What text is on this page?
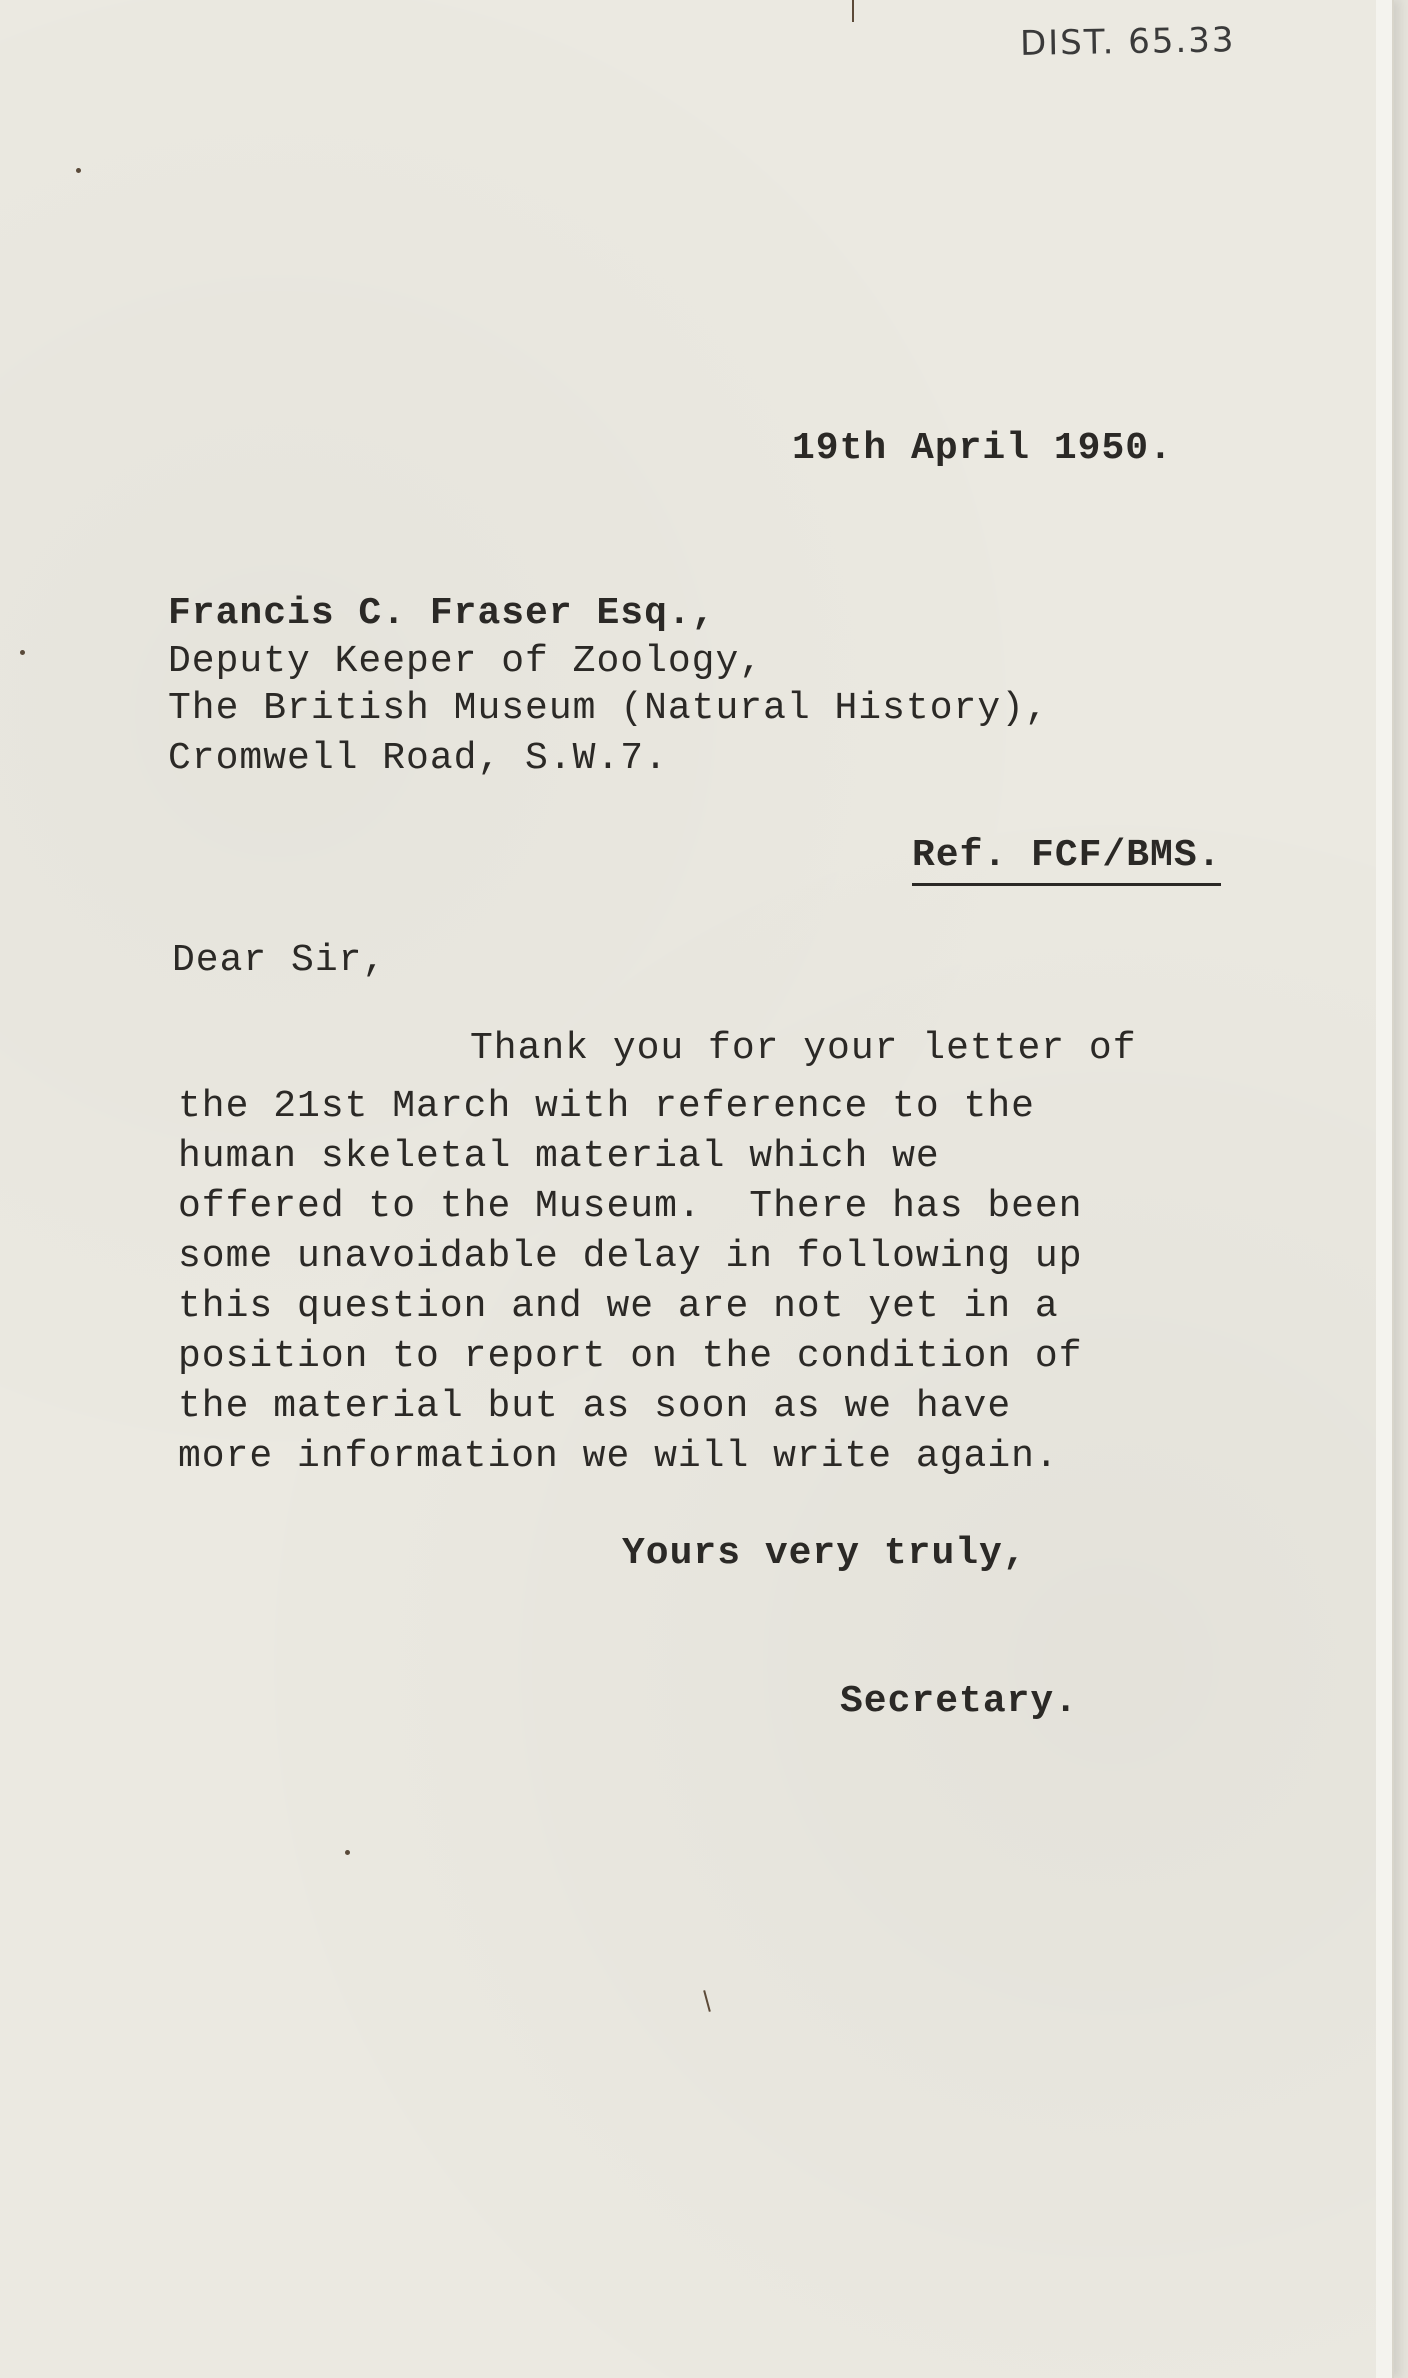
DIST. 65.33

19th April 1950.

Francis C. Fraser Esq.,

Deputy Keeper of Zoology,

The British Museum (Natural History),

Cromwell Road, S.W.7.

Ref. FCF/BMS.

Dear Sir,

Thank you for your letter of

the 21st March with reference to the

human skeletal material which we

offered to the Museum.  There has been

some unavoidable delay in following up

this question and we are not yet in a

position to report on the condition of

the material but as soon as we have

more information we will write again.

Yours very truly,

Secretary.
